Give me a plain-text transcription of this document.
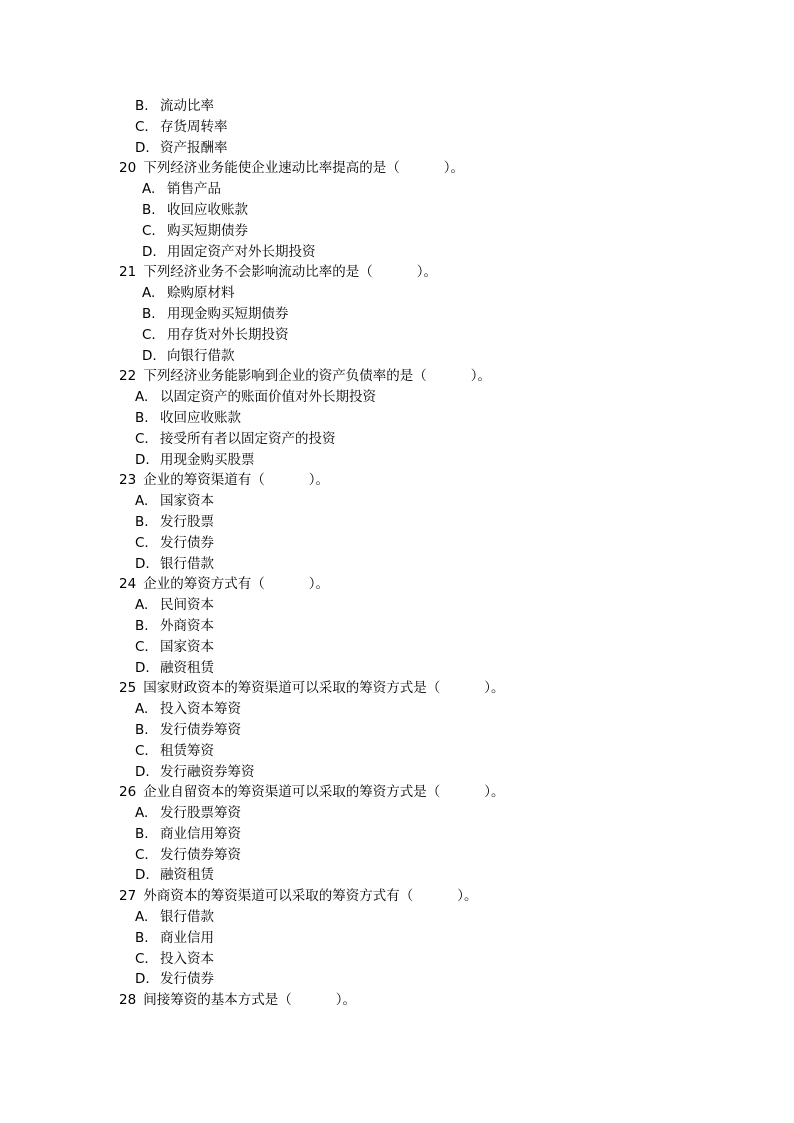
B. 流动比率
C. 存货周转率
D. 资产报酬率
20 下列经济业务能使企业速动比率提高的是（	）。
A. 销售产品
B. 收回应收账款
C. 购买短期债券
D. 用固定资产对外长期投资
21 下列经济业务不会影响流动比率的是（	）。
A. 赊购原材料
B. 用现金购买短期债券
C. 用存货对外长期投资
D. 向银行借款
22 下列经济业务能影响到企业的资产负债率的是（	）。
A. 以固定资产的账面价值对外长期投资
B. 收回应收账款
C. 接受所有者以固定资产的投资
D. 用现金购买股票
23 企业的筹资渠道有（	）。
A. 国家资本
B. 发行股票
C. 发行债券
D. 银行借款
24 企业的筹资方式有（	）。
A. 民间资本
B. 外商资本
C. 国家资本
D. 融资租赁
25 国家财政资本的筹资渠道可以采取的筹资方式是（	）。
A. 投入资本筹资
B. 发行债券筹资
C. 租赁筹资
D. 发行融资券筹资
26 企业自留资本的筹资渠道可以采取的筹资方式是（	）。
A. 发行股票筹资
B. 商业信用筹资
C. 发行债券筹资
D. 融资租赁
27 外商资本的筹资渠道可以采取的筹资方式有（	）。
A. 银行借款
B. 商业信用
C. 投入资本
D. 发行债券
28 间接筹资的基本方式是（	）。
